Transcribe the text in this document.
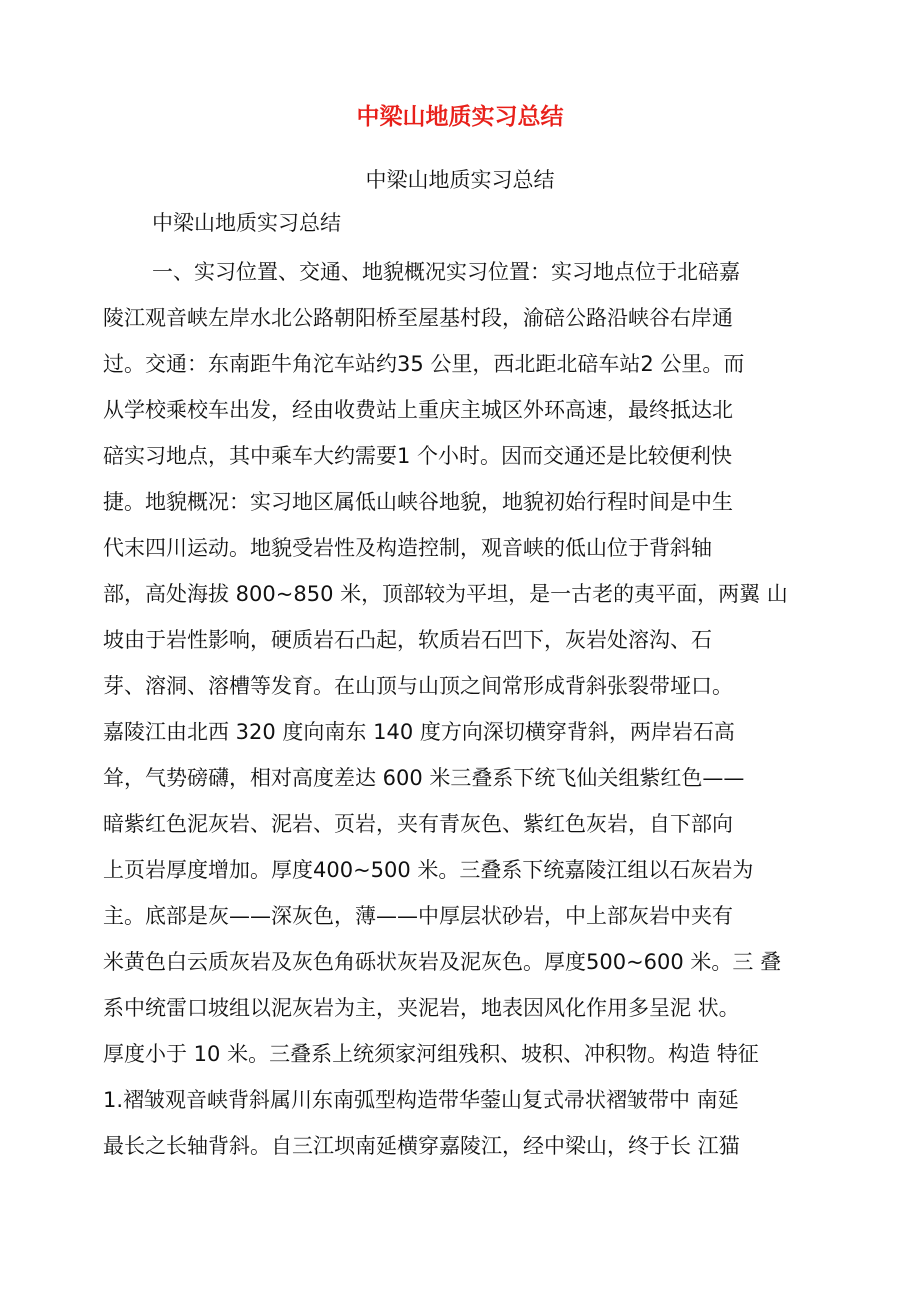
中梁山地质实习总结
中梁山地质实习总结
中梁山地质实习总结
一、实习位置、交通、地貌概况实习位置：实习地点位于北碚嘉
陵江观音峡左岸水北公路朝阳桥至屋基村段，渝碚公路沿峡谷右岸通
过。交通：东南距牛角沱车站约35 公里，西北距北碚车站2 公里。而
从学校乘校车出发，经由收费站上重庆主城区外环高速，最终抵达北
碚实习地点，其中乘车大约需要1 个小时。因而交通还是比较便利快
捷。地貌概况：实习地区属低山峡谷地貌，地貌初始行程时间是中生
代末四川运动。地貌受岩性及构造控制，观音峡的低山位于背斜轴
部，高处海拔 800~850 米，顶部较为平坦，是一古老的夷平面，两翼 山
坡由于岩性影响，硬质岩石凸起，软质岩石凹下，灰岩处溶沟、石
芽、溶洞、溶槽等发育。在山顶与山顶之间常形成背斜张裂带垭口。
嘉陵江由北西 320 度向南东 140 度方向深切横穿背斜，两岸岩石高
耸，气势磅礴，相对高度差达 600 米三叠系下统飞仙关组紫红色——
暗紫红色泥灰岩、泥岩、页岩，夹有青灰色、紫红色灰岩，自下部向
上页岩厚度增加。厚度400~500 米。三叠系下统嘉陵江组以石灰岩为
主。底部是灰——深灰色，薄——中厚层状砂岩，中上部灰岩中夹有
米黄色白云质灰岩及灰色角砾状灰岩及泥灰色。厚度500~600 米。三 叠
系中统雷口坡组以泥灰岩为主，夹泥岩，地表因风化作用多呈泥 状。
厚度小于 10 米。三叠系上统须家河组残积、坡积、冲积物。构造 特征
1.褶皱观音峡背斜属川东南弧型构造带华蓥山复式帚状褶皱带中 南延
最长之长轴背斜。自三江坝南延横穿嘉陵江，经中梁山，终于长 江猫
